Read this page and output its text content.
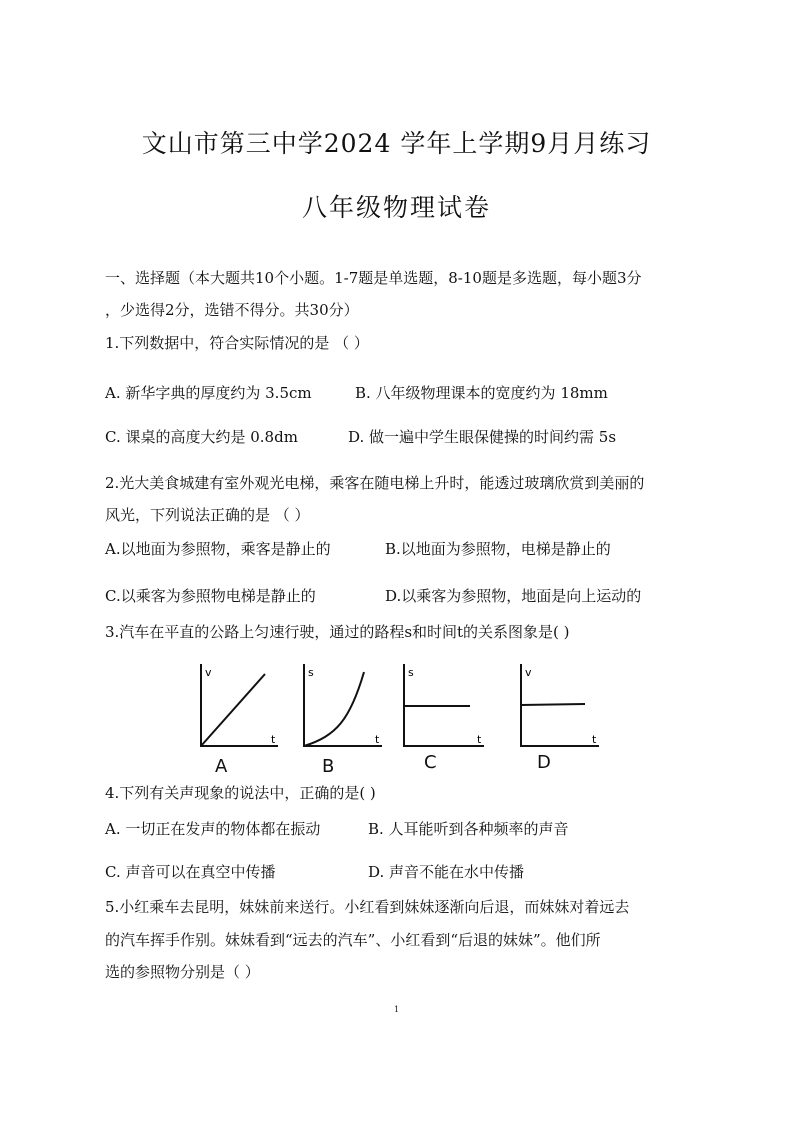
文山市第三中学2024 学年上学期9月月练习
八年级物理试卷
一、选择题（本大题共10个小题。1-7题是单选题，8-10题是多选题，每小题3分
，少选得2分，选错不得分。共30分）
1.下列数据中，符合实际情况的是 （ ）
A. 新华字典的厚度约为 3.5cm	B. 八年级物理课本的宽度约为 18mm
C. 课桌的高度大约是 0.8dm	D. 做一遍中学生眼保健操的时间约需 5s
2.光大美食城建有室外观光电梯，乘客在随电梯上升时，能透过玻璃欣赏到美丽的
风光，下列说法正确的是 （ ）
A.以地面为参照物，乘客是静止的	B.以地面为参照物，电梯是静止的
C.以乘客为参照物电梯是静止的	D.以乘客为参照物，地面是向上运动的
3.汽车在平直的公路上匀速行驶，通过的路程s和时间t的关系图象是( )
v
t
A
s
t
B
s
t
C
v
t
D
4.下列有关声现象的说法中，正确的是( )
A. 一切正在发声的物体都在振动	B. 人耳能听到各种频率的声音
C. 声音可以在真空中传播	D. 声音不能在水中传播
5.小红乘车去昆明，妹妹前来送行。小红看到妹妹逐渐向后退，而妹妹对着远去
的汽车挥手作别。妹妹看到“远去的汽车”、小红看到“后退的妹妹”。他们所
选的参照物分别是（ ）
1
